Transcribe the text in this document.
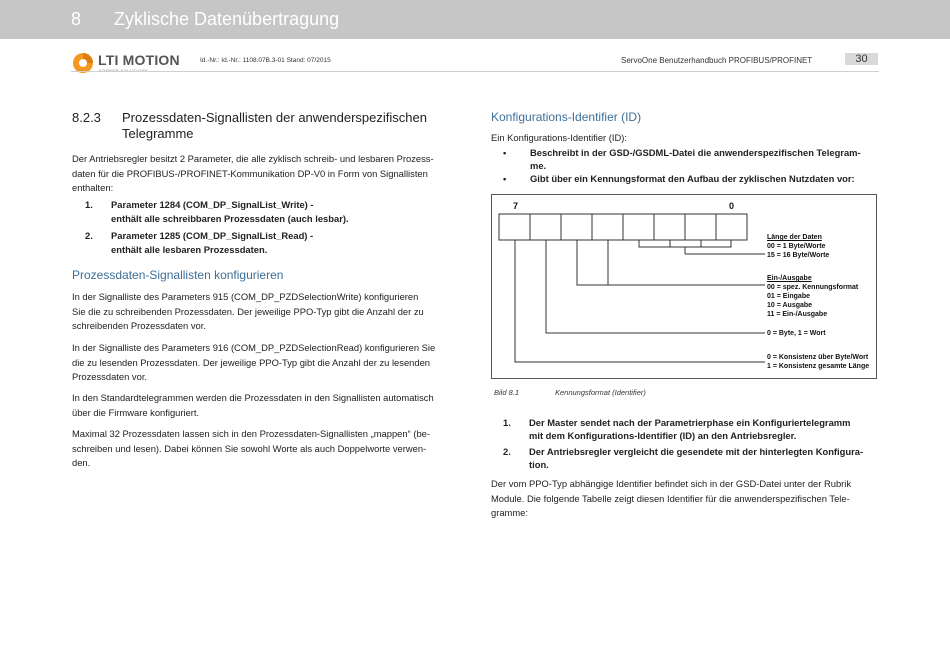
8 Zyklische Datenübertragung
LTI MOTION	Id.-Nr.: Id.-Nr.: 1108.07B.3-01 Stand: 07/2015	ServoOne Benutzerhandbuch PROFIBUS/PROFINET	30
8.2.3 Prozessdaten-Signallisten der anwenderspezifischen
Telegramme
Der Antriebsregler besitzt 2 Parameter, die alle zyklisch schreib- und lesbaren Prozess-
daten für die PROFIBUS-/PROFINET-Kommunikation DP-V0 in Form von Signallisten
enthalten:
1. Parameter 1284 (COM_DP_SignalList_Write) -
enthält alle schreibbaren Prozessdaten (auch lesbar).
2. Parameter 1285 (COM_DP_SignalList_Read) -
enthält alle lesbaren Prozessdaten.
Prozessdaten-Signallisten konfigurieren
In der Signalliste des Parameters 915 (COM_DP_PZDSelectionWrite) konfigurieren
Sie die zu schreibenden Prozessdaten. Der jeweilige PPO-Typ gibt die Anzahl der zu
schreibenden Prozessdaten vor.
In der Signalliste des Parameters 916 (COM_DP_PZDSelectionRead) konfigurieren Sie
die zu lesenden Prozessdaten. Der jeweilige PPO-Typ gibt die Anzahl der zu lesenden
Prozessdaten vor.
In den Standardtelegrammen werden die Prozessdaten in den Signallisten automatisch
über die Firmware konfiguriert.
Maximal 32 Prozessdaten lassen sich in den Prozessdaten-Signallisten „mappen“ (be-
schreiben und lesen). Dabei können Sie sowohl Worte als auch Doppelworte verwen-
den.
Konfigurations-Identifier (ID)
Ein Konfigurations-Identifier (ID):
•	Beschreibt in der GSD-/GSDML-Datei die anwenderspezifischen Telegram-
me.
•	Gibt über ein Kennungsformat den Aufbau der zyklischen Nutzdaten vor:
7	0
Länge der Daten
00 = 1 Byte/Worte
15 = 16 Byte/Worte
Ein-/Ausgabe
00 = spez. Kennungsformat
01 = Eingabe
10 = Ausgabe
11 = Ein-/Ausgabe
0 = Byte, 1 = Wort
0 = Konsistenz über Byte/Wort
1 = Konsistenz gesamte Länge
Bild 8.1	Kennungsformat (Identifier)
1. Der Master sendet nach der Parametrierphase ein Konfiguriertelegramm
mit dem Konfigurations-Identifier (ID) an den Antriebsregler.
2. Der Antriebsregler vergleicht die gesendete mit der hinterlegten Konfigura-
tion.
Der vom PPO-Typ abhängige Identifier befindet sich in der GSD-Datei unter der Rubrik
Module. Die folgende Tabelle zeigt diesen Identifier für die anwenderspezifischen Tele-
gramme:
